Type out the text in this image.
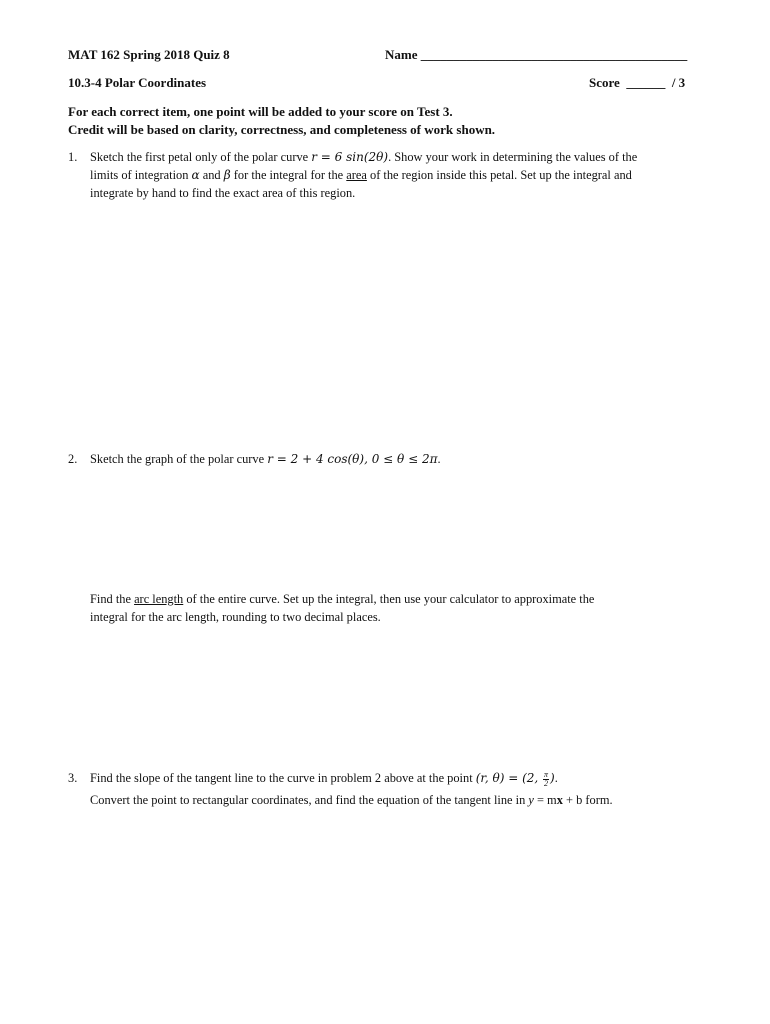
MAT 162 Spring 2018 Quiz 8	Name _________________________________________
10.3-4 Polar Coordinates	Score ______ / 3
For each correct item, one point will be added to your score on Test 3.
Credit will be based on clarity, correctness, and completeness of work shown.
1. Sketch the first petal only of the polar curve r = 6 sin(2θ). Show your work in determining the values of the
limits of integration α and β for the integral for the area of the region inside this petal. Set up the integral and
integrate by hand to find the exact area of this region.
2. Sketch the graph of the polar curve r = 2 + 4 cos(θ), 0 ≤ θ ≤ 2π.
Find the arc length of the entire curve. Set up the integral, then use your calculator to approximate the
integral for the arc length, rounding to two decimal places.
3. Find the slope of the tangent line to the curve in problem 2 above at the point (r, θ) = (2, $\frac{\pi}{2}$ ).
Convert the point to rectangular coordinates, and find the equation of the tangent line in y = mx + b form.
